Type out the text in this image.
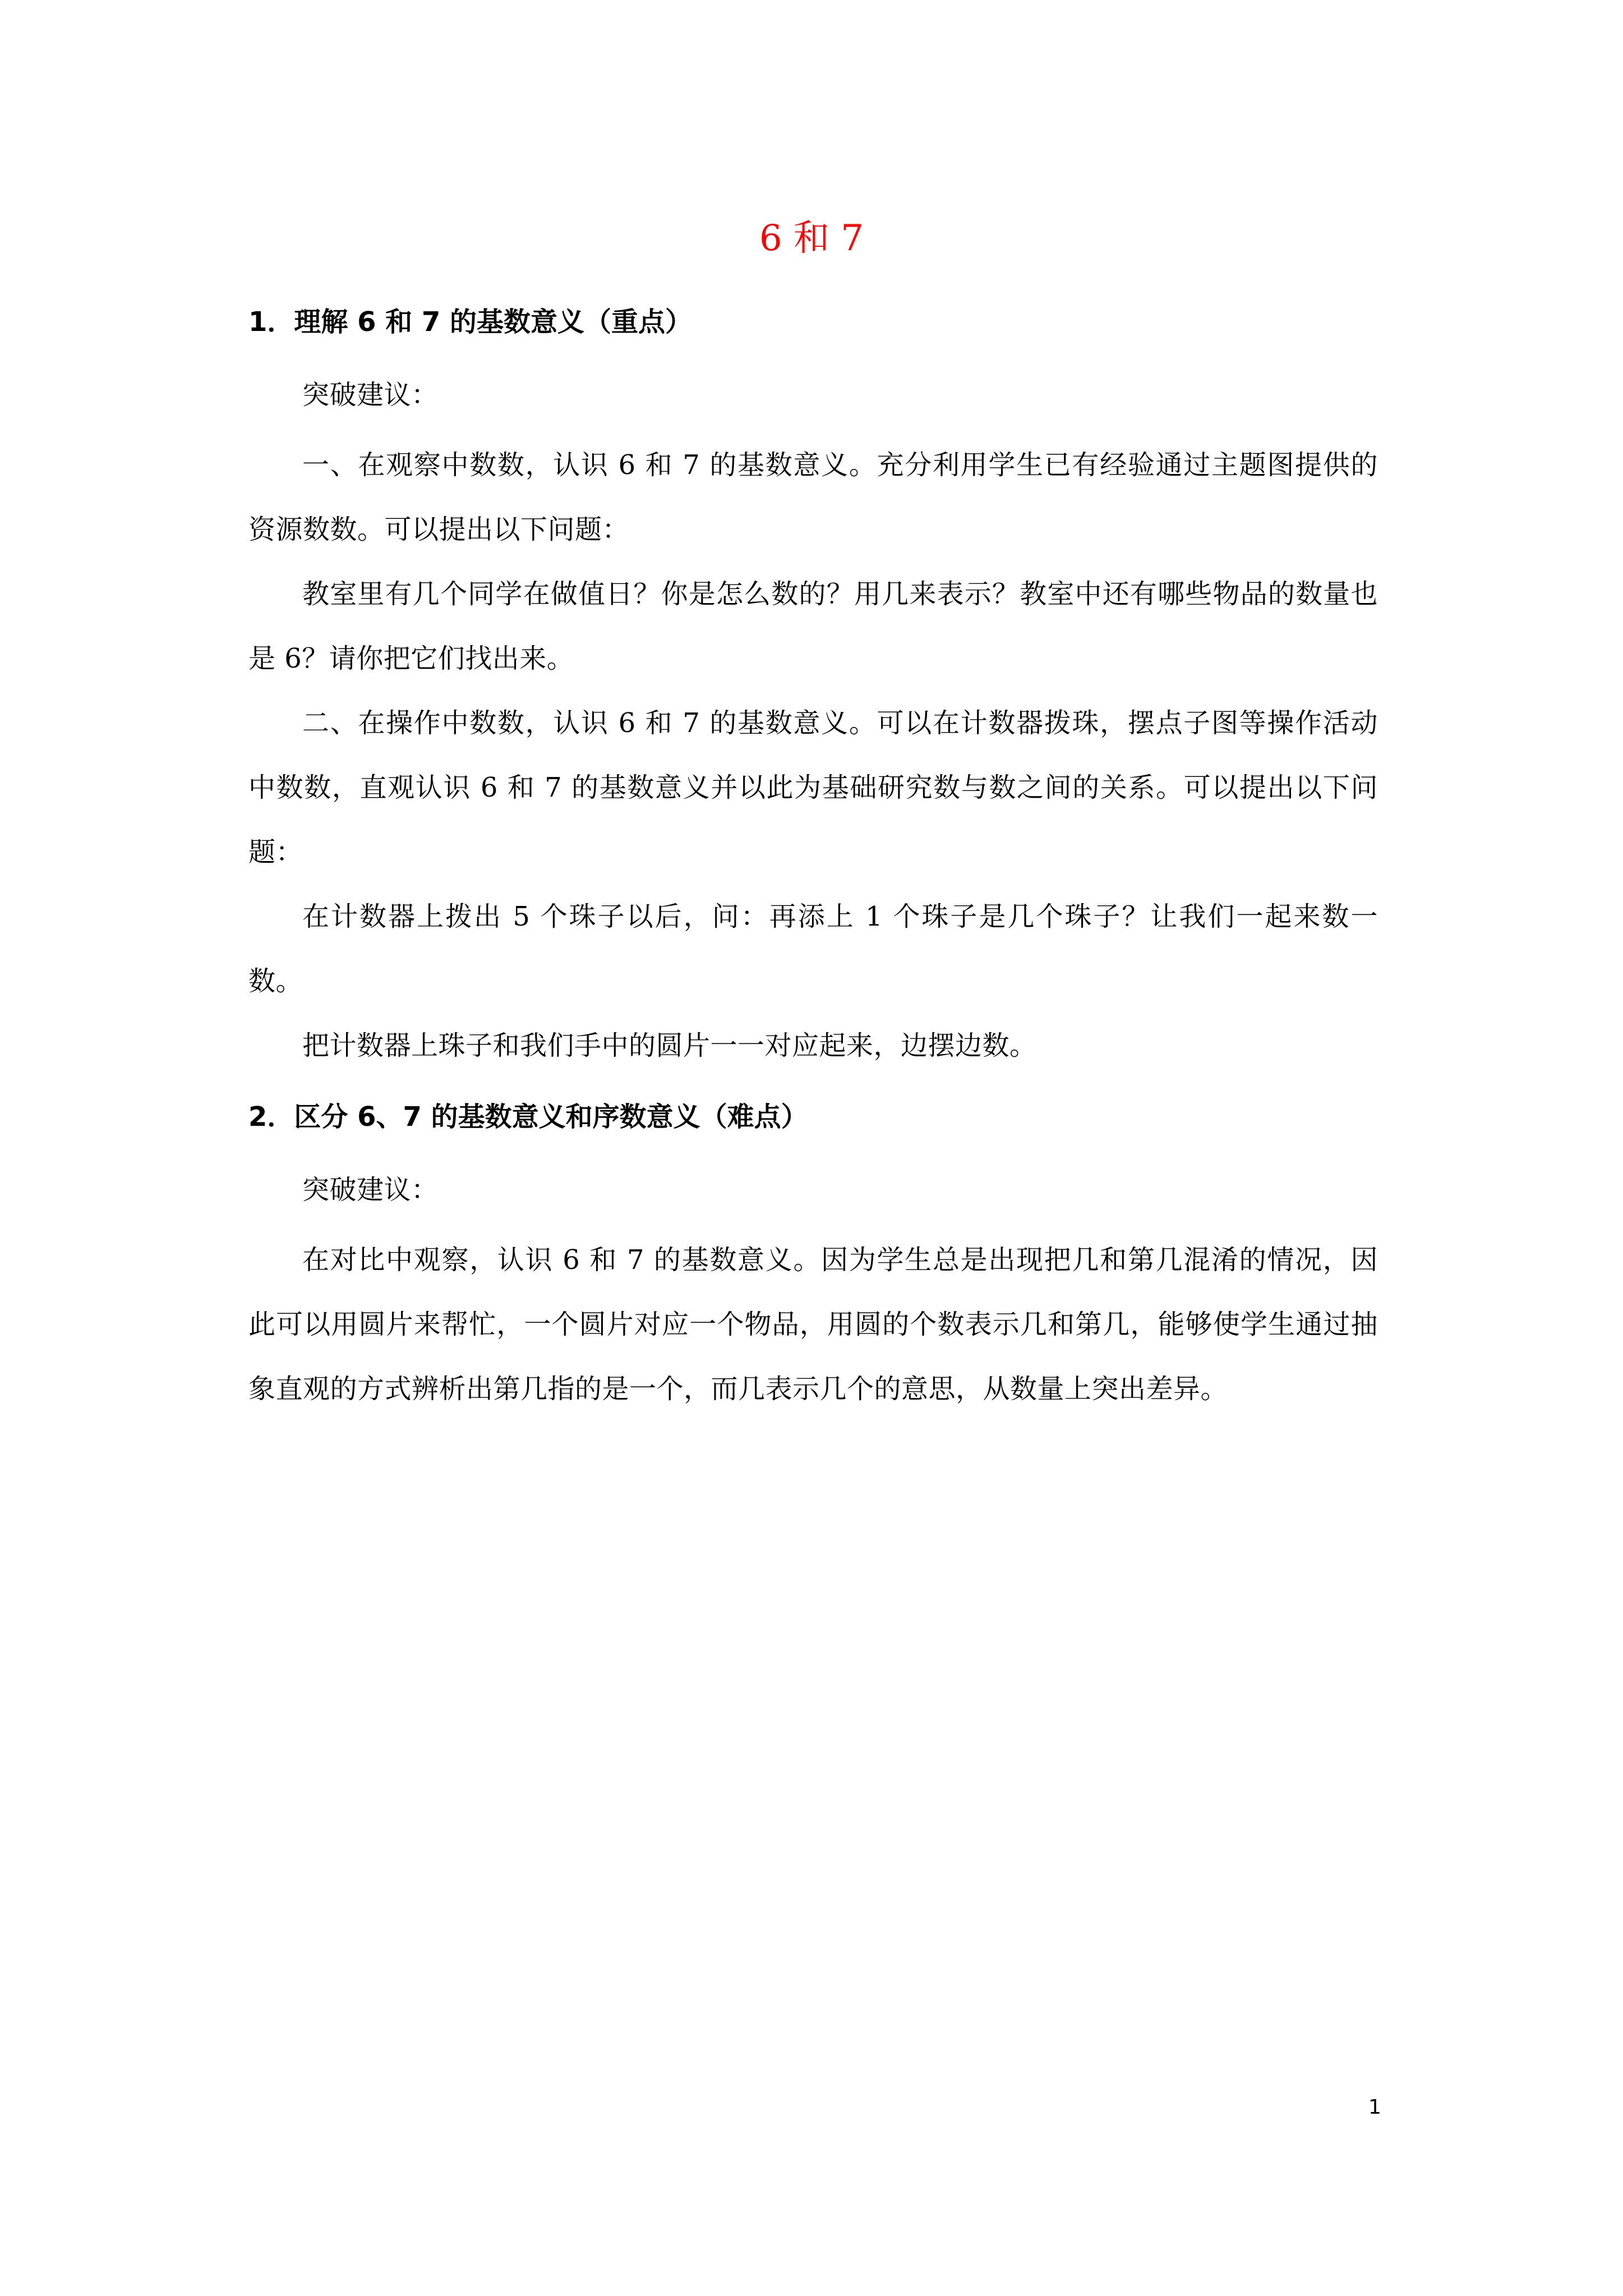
6 和 7

1．理解 6 和 7 的基数意义（重点）

突破建议：

一、在观察中数数，认识 6 和 7 的基数意义。充分利用学生已有经验通过主题图提供的资源数数。可以提出以下问题：

教室里有几个同学在做值日？你是怎么数的？用几来表示？教室中还有哪些物品的数量也是 6？请你把它们找出来。

二、在操作中数数，认识 6 和 7 的基数意义。可以在计数器拨珠，摆点子图等操作活动中数数，直观认识 6 和 7 的基数意义并以此为基础研究数与数之间的关系。可以提出以下问题：

在计数器上拨出 5 个珠子以后，问：再添上 1 个珠子是几个珠子？让我们一起来数一数。

把计数器上珠子和我们手中的圆片一一对应起来，边摆边数。

2．区分 6、7 的基数意义和序数意义（难点）

突破建议：

在对比中观察，认识 6 和 7 的基数意义。因为学生总是出现把几和第几混淆的情况，因此可以用圆片来帮忙，一个圆片对应一个物品，用圆的个数表示几和第几，能够使学生通过抽象直观的方式辨析出第几指的是一个，而几表示几个的意思，从数量上突出差异。

1
